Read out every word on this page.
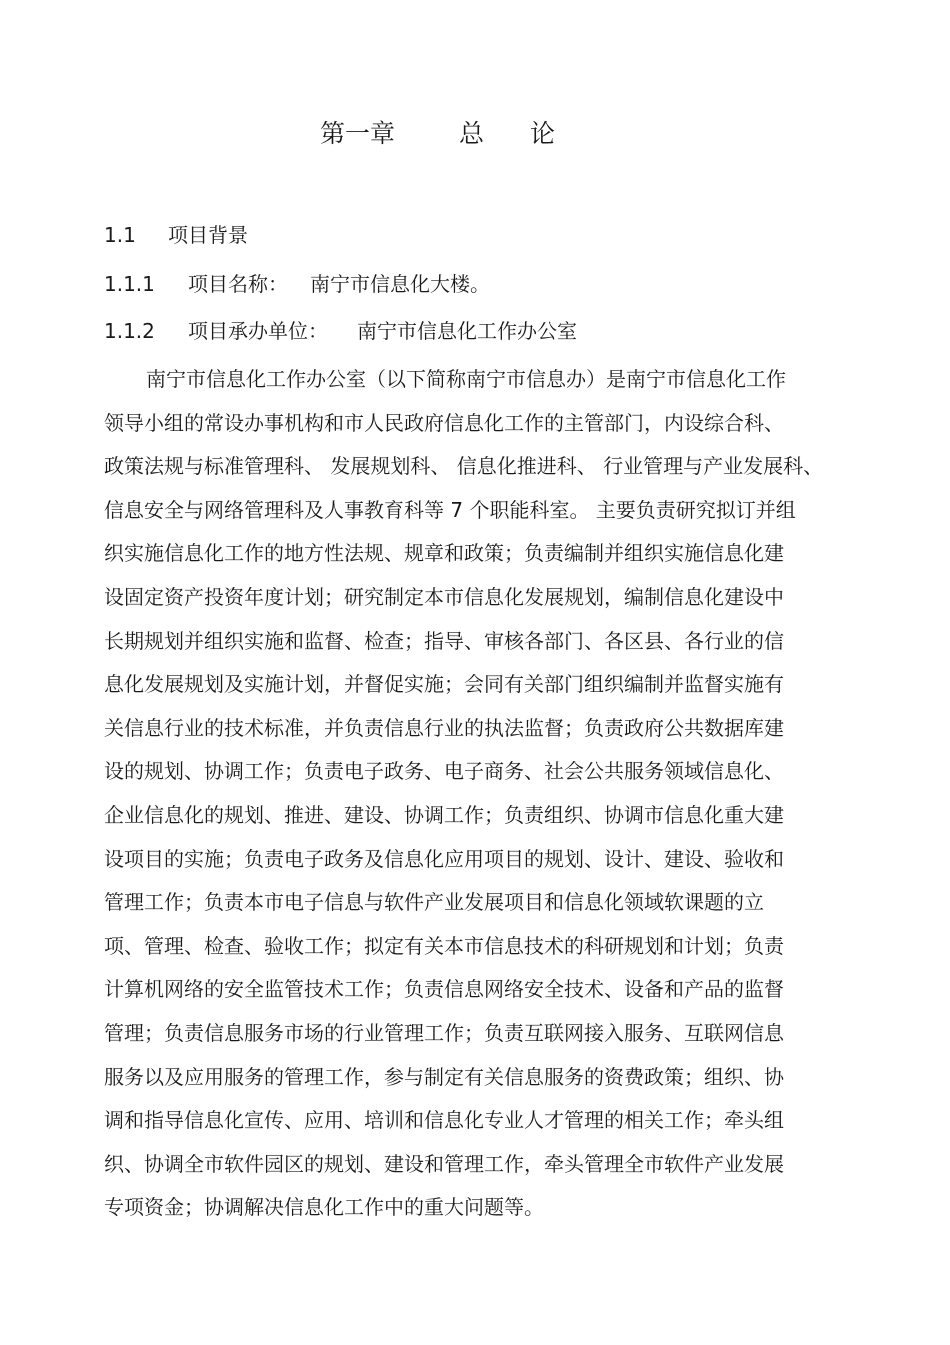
第一章	总 论
1.1 项目背景
1.1.1 项目名称： 南宁市信息化大楼。
1.1.2 项目承办单位： 南宁市信息化工作办公室
南宁市信息化工作办公室（以下简称南宁市信息办）是南宁市信息化工作
领导小组的常设办事机构和市人民政府信息化工作的主管部门，内设综合科、
政策法规与标准管理科、 发展规划科、 信息化推进科、 行业管理与产业发展科、
信息安全与网络管理科及人事教育科等 7 个职能科室。 主要负责研究拟订并组
织实施信息化工作的地方性法规、规章和政策；负责编制并组织实施信息化建
设固定资产投资年度计划；研究制定本市信息化发展规划，编制信息化建设中
长期规划并组织实施和监督、检查；指导、审核各部门、各区县、各行业的信
息化发展规划及实施计划，并督促实施；会同有关部门组织编制并监督实施有
关信息行业的技术标准，并负责信息行业的执法监督；负责政府公共数据库建
设的规划、协调工作；负责电子政务、电子商务、社会公共服务领域信息化、
企业信息化的规划、推进、建设、协调工作；负责组织、协调市信息化重大建
设项目的实施；负责电子政务及信息化应用项目的规划、设计、建设、验收和
管理工作；负责本市电子信息与软件产业发展项目和信息化领域软课题的立
项、管理、检查、验收工作；拟定有关本市信息技术的科研规划和计划；负责
计算机网络的安全监管技术工作；负责信息网络安全技术、设备和产品的监督
管理；负责信息服务市场的行业管理工作；负责互联网接入服务、互联网信息
服务以及应用服务的管理工作，参与制定有关信息服务的资费政策；组织、协
调和指导信息化宣传、应用、培训和信息化专业人才管理的相关工作；牵头组
织、协调全市软件园区的规划、建设和管理工作，牵头管理全市软件产业发展
专项资金；协调解决信息化工作中的重大问题等。
